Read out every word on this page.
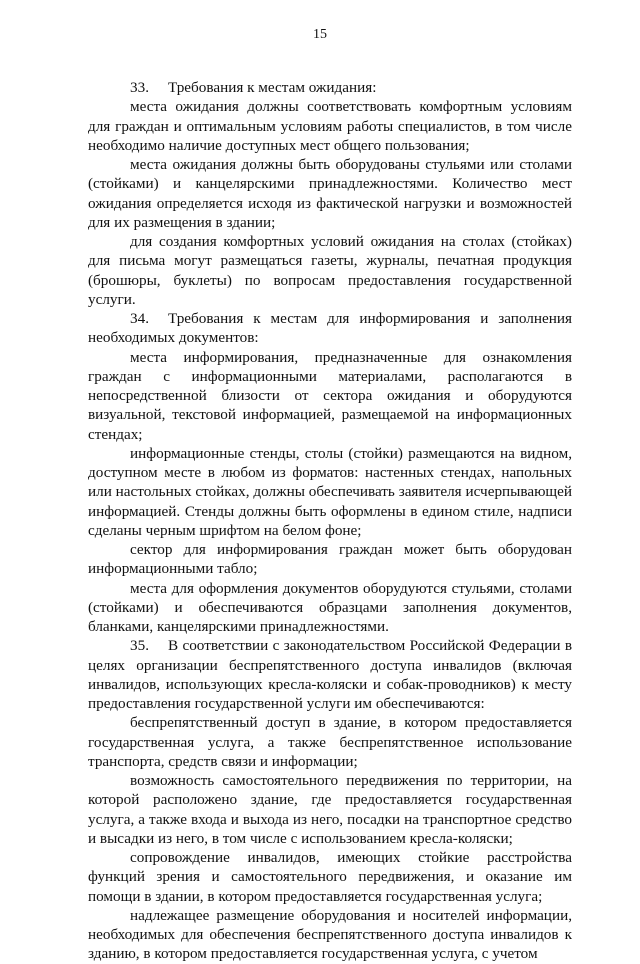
15

33. Требования к местам ожидания:

места ожидания должны соответствовать комфортным условиям для граждан и оптимальным условиям работы специалистов, в том числе необходимо наличие доступных мест общего пользования;

места ожидания должны быть оборудованы стульями или столами (стойками) и канцелярскими принадлежностями. Количество мест ожидания определяется исходя из фактической нагрузки и возможностей для их размещения в здании;

для создания комфортных условий ожидания на столах (стойках) для письма могут размещаться газеты, журналы, печатная продукция (брошюры, буклеты) по вопросам предоставления государственной услуги.

34. Требования к местам для информирования и заполнения необходимых документов:

места информирования, предназначенные для ознакомления граждан с информационными материалами, располагаются в непосредственной близости от сектора ожидания и оборудуются визуальной, текстовой информацией, размещаемой на информационных стендах;

информационные стенды, столы (стойки) размещаются на видном, доступном месте в любом из форматов: настенных стендах, напольных или настольных стойках, должны обеспечивать заявителя исчерпывающей информацией. Стенды должны быть оформлены в едином стиле, надписи сделаны черным шрифтом на белом фоне;

сектор для информирования граждан может быть оборудован информационными табло;

места для оформления документов оборудуются стульями, столами (стойками) и обеспечиваются образцами заполнения документов, бланками, канцелярскими принадлежностями.

35. В соответствии с законодательством Российской Федерации в целях организации беспрепятственного доступа инвалидов (включая инвалидов, использующих кресла-коляски и собак-проводников) к месту предоставления государственной услуги им обеспечиваются:

беспрепятственный доступ в здание, в котором предоставляется государственная услуга, а также беспрепятственное использование транспорта, средств связи и информации;

возможность самостоятельного передвижения по территории, на которой расположено здание, где предоставляется государственная услуга, а также входа и выхода из него, посадки на транспортное средство и высадки из него, в том числе с использованием кресла-коляски;

сопровождение инвалидов, имеющих стойкие расстройства функций зрения и самостоятельного передвижения, и оказание им помощи в здании, в котором предоставляется государственная услуга;

надлежащее размещение оборудования и носителей информации, необходимых для обеспечения беспрепятственного доступа инвалидов к зданию, в котором предоставляется государственная услуга, с учетом
